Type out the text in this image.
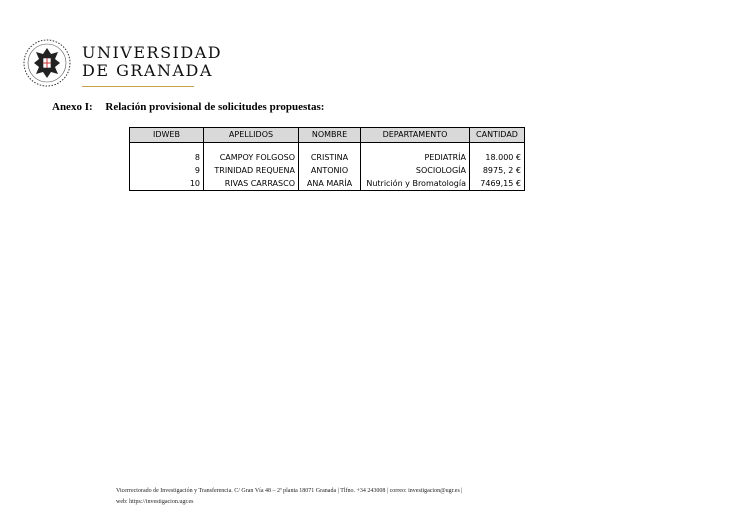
UNIVERSIDAD
DE GRANADA
Anexo I: Relación provisional de solicitudes propuestas:
IDWEB	APELLIDOS	NOMBRE	DEPARTAMENTO	CANTIDAD

8	CAMPOY FOLGOSO	CRISTINA	PEDIATRÍA	18.000 €
9	TRINIDAD REQUENA	ANTONIO	SOCIOLOGÍA	8975, 2 €
10	RIVAS CARRASCO	ANA MARÍA	Nutrición y Bromatología	7469,15 €
Vicerrectorado de Investigación y Transferencia. C/ Gran Vía 48 – 2ª planta 18071 Granada | Tlfno. +34 243008 | correo: investigacion@ugr.es |
web: https://investigacion.ugr.es
